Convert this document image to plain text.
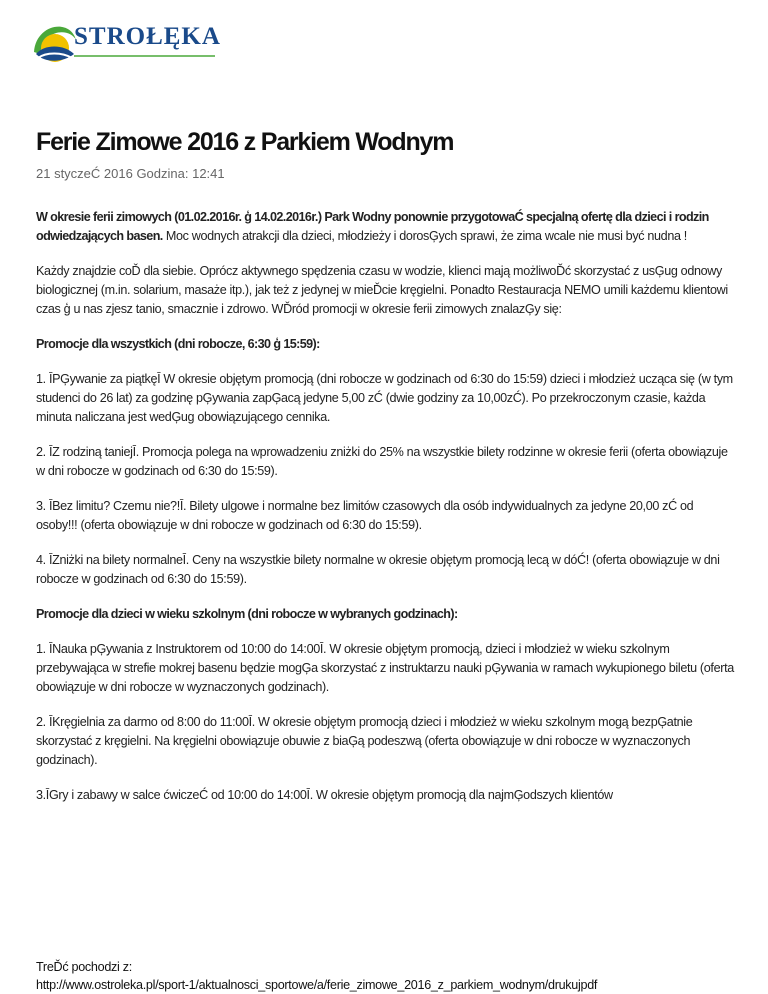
STROŁĘKA
Ferie Zimowe 2016 z Parkiem Wodnym
21 styczeĆ 2016 Godzina: 12:41

W okresie ferii zimowych (01.02.2016r. ģ 14.02.2016r.) Park Wodny ponownie przygotowaĆ specjalną ofertę dla dzieci i rodzin odwiedzających basen. Moc wodnych atrakcji dla dzieci, młodzieży i dorosĢych sprawi, że zima wcale nie musi być nudna !

Każdy znajdzie coĎ dla siebie. Oprócz aktywnego spędzenia czasu w wodzie, klienci mają możliwoĎć skorzystać z usĢug odnowy biologicznej (m.in. solarium, masaże itp.), jak też z jedynej w mieĎcie kręgielni. Ponadto Restauracja NEMO umili każdemu klientowi czas ģ u nas zjesz tanio, smacznie i zdrowo. WĎród promocji w okresie ferii zimowych znalazĢy się:

Promocje dla wszystkich (dni robocze, 6:30 ģ 15:59):

1. ĪPĢywanie za piątkęĪ W okresie objętym promocją (dni robocze w godzinach od 6:30 do 15:59) dzieci i młodzież ucząca się (w tym studenci do 26 lat) za godzinę pĢywania zapĢacą jedyne 5,00 zĆ (dwie godziny za 10,00zĆ). Po przekroczonym czasie, każda minuta naliczana jest wedĢug obowiązującego cennika.

2. ĪZ rodziną taniejĪ. Promocja polega na wprowadzeniu zniżki do 25% na wszystkie bilety rodzinne w okresie ferii (oferta obowiązuje w dni robocze w godzinach od 6:30 do 15:59).

3. ĪBez limitu? Czemu nie?!Ī. Bilety ulgowe i normalne bez limitów czasowych dla osób indywidualnych za jedyne 20,00 zĆ od osoby!!! (oferta obowiązuje w dni robocze w godzinach od 6:30 do 15:59).

4. ĪZniżki na bilety normalneĪ. Ceny na wszystkie bilety normalne w okresie objętym promocją lecą w dóĆ! (oferta obowiązuje w dni robocze w godzinach od 6:30 do 15:59).

Promocje dla dzieci w wieku szkolnym (dni robocze w wybranych godzinach):

1. ĪNauka pĢywania z Instruktorem od 10:00 do 14:00Ī. W okresie objętym promocją, dzieci i młodzież w wieku szkolnym przebywająca w strefie mokrej basenu będzie mogĢa skorzystać z instruktarzu nauki pĢywania w ramach wykupionego biletu (oferta obowiązuje w dni robocze w wyznaczonych godzinach).

2. ĪKręgielnia za darmo od 8:00 do 11:00Ī. W okresie objętym promocją dzieci i młodzież w wieku szkolnym mogą bezpĢatnie skorzystać z kręgielni. Na kręgielni obowiązuje obuwie z biaĢą podeszwą (oferta obowiązuje w dni robocze w wyznaczonych godzinach).

3.ĪGry i zabawy w salce ćwiczeĆ od 10:00 do 14:00Ī. W okresie objętym promocją dla najmĢodszych klientów

TreĎć pochodzi z:
http://www.ostroleka.pl/sport-1/aktualnosci_sportowe/a/ferie_zimowe_2016_z_parkiem_wodnym/drukujpdf
